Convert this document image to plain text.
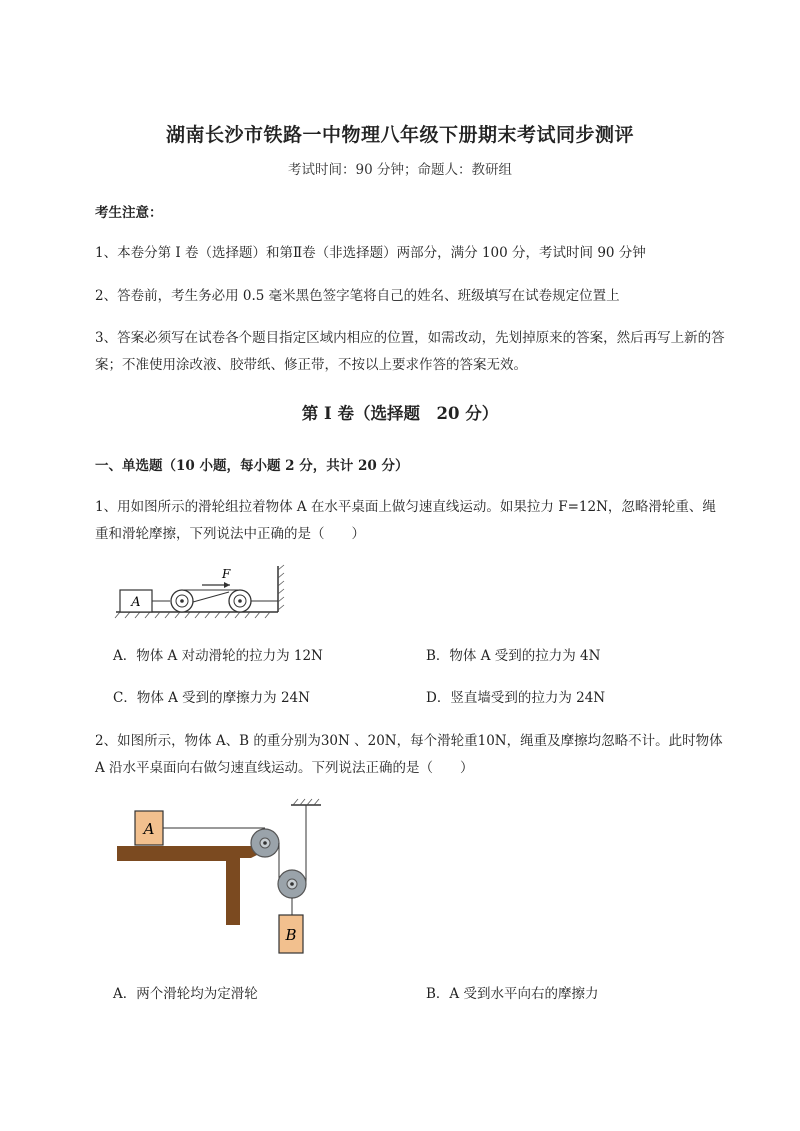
湖南长沙市铁路一中物理八年级下册期末考试同步测评
考试时间：90 分钟；命题人：教研组
考生注意：
1、本卷分第 I 卷（选择题）和第Ⅱ卷（非选择题）两部分，满分 100 分，考试时间 90 分钟
2、答卷前，考生务必用 0.5 毫米黑色签字笔将自己的姓名、班级填写在试卷规定位置上
3、答案必须写在试卷各个题目指定区域内相应的位置，如需改动，先划掉原来的答案，然后再写上新的答案；不准使用涂改液、胶带纸、修正带，不按以上要求作答的答案无效。
第 I 卷（选择题　20 分）
一、单选题（10 小题，每小题 2 分，共计 20 分）
1、用如图所示的滑轮组拉着物体 A 在水平桌面上做匀速直线运动。如果拉力 F=12N，忽略滑轮重、绳重和滑轮摩擦，下列说法中正确的是（　　）
A
F
A．物体 A 对动滑轮的拉力为 12N	B．物体 A 受到的拉力为 4N
C．物体 A 受到的摩擦力为 24N	D．竖直墙受到的拉力为 24N
2、如图所示，物体 A、B 的重分别为30N 、20N，每个滑轮重10N，绳重及摩擦均忽略不计。此时物体 A 沿水平桌面向右做匀速直线运动。下列说法正确的是（　　）
A
B
A．两个滑轮均为定滑轮	B．A 受到水平向右的摩擦力
